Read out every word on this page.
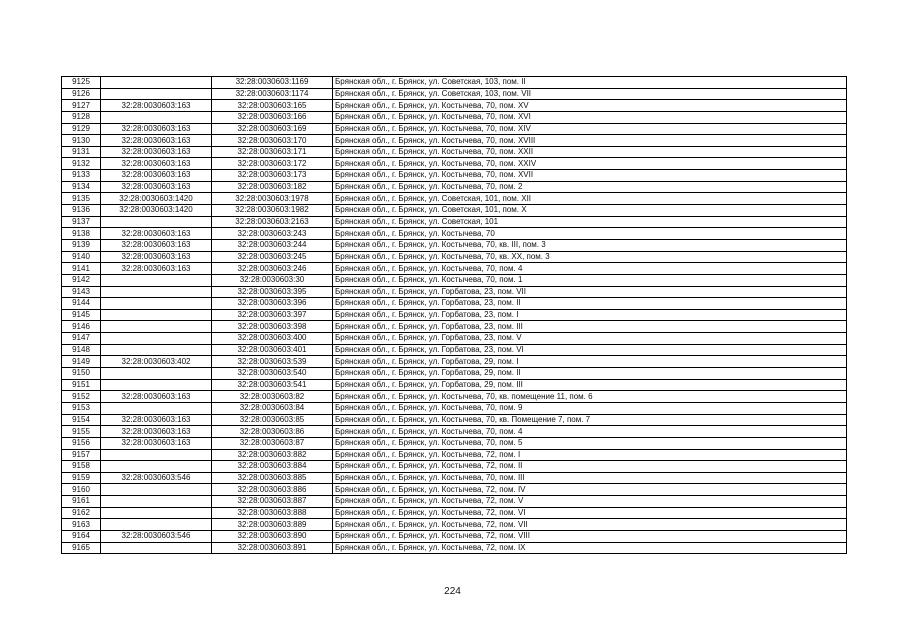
9125		32:28:0030603:1169	Брянская обл., г. Брянск, ул. Советская, 103, пом. II
9126		32:28:0030603:1174	Брянская обл., г. Брянск, ул. Советская, 103, пом. VII
9127	32:28:0030603:163	32:28:0030603:165	Брянская обл., г. Брянск, ул. Костычева, 70, пом. XV
9128		32:28:0030603:166	Брянская обл., г. Брянск, ул. Костычева, 70, пом. XVI
9129	32:28:0030603:163	32:28:0030603:169	Брянская обл., г. Брянск, ул. Костычева, 70, пом. XIV
9130	32:28:0030603:163	32:28:0030603:170	Брянская обл., г. Брянск, ул. Костычева, 70, пом. XVIII
9131	32:28:0030603:163	32:28:0030603:171	Брянская обл., г. Брянск, ул. Костычева, 70, пом. XXII
9132	32:28:0030603:163	32:28:0030603:172	Брянская обл., г. Брянск, ул. Костычева, 70, пом. XXIV
9133	32:28:0030603:163	32:28:0030603:173	Брянская обл., г. Брянск, ул. Костычева, 70, пом. XVII
9134	32:28:0030603:163	32:28:0030603:182	Брянская обл., г. Брянск, ул. Костычева, 70, пом. 2
9135	32:28:0030603:1420	32:28:0030603:1978	Брянская обл., г. Брянск, ул. Советская, 101, пом. XII
9136	32:28:0030603:1420	32:28:0030603:1982	Брянская обл., г. Брянск, ул. Советская, 101, пом. X
9137		32:28:0030603:2163	Брянская обл., г. Брянск, ул. Советская, 101
9138	32:28:0030603:163	32:28:0030603:243	Брянская обл., г. Брянск, ул. Костычева, 70
9139	32:28:0030603:163	32:28:0030603:244	Брянская обл., г. Брянск, ул. Костычева, 70, кв. III, пом. 3
9140	32:28:0030603:163	32:28:0030603:245	Брянская обл., г. Брянск, ул. Костычева, 70, кв. XX, пом. 3
9141	32:28:0030603:163	32:28:0030603:246	Брянская обл., г. Брянск, ул. Костычева, 70, пом. 4
9142		32:28:0030603:30	Брянская обл., г. Брянск, ул. Костычева, 70, пом. 1
9143		32:28:0030603:395	Брянская обл., г. Брянск, ул. Горбатова, 23, пом. VII
9144		32:28:0030603:396	Брянская обл., г. Брянск, ул. Горбатова, 23, пом. II
9145		32:28:0030603:397	Брянская обл., г. Брянск, ул. Горбатова, 23, пом. I
9146		32:28:0030603:398	Брянская обл., г. Брянск, ул. Горбатова, 23, пом. III
9147		32:28:0030603:400	Брянская обл., г. Брянск, ул. Горбатова, 23, пом. V
9148		32:28:0030603:401	Брянская обл., г. Брянск, ул. Горбатова, 23, пом. VI
9149	32:28:0030603:402	32:28:0030603:539	Брянская обл., г. Брянск, ул. Горбатова, 29, пом. I
9150		32:28:0030603:540	Брянская обл., г. Брянск, ул. Горбатова, 29, пом. II
9151		32:28:0030603:541	Брянская обл., г. Брянск, ул. Горбатова, 29, пом. III
9152	32:28:0030603:163	32:28:0030603:82	Брянская обл., г. Брянск, ул. Костычева, 70, кв. помещение 11, пом. 6
9153		32:28:0030603:84	Брянская обл., г. Брянск, ул. Костычева, 70, пом. 9
9154	32:28:0030603:163	32:28:0030603:85	Брянская обл., г. Брянск, ул. Костычева, 70, кв. Помещение 7, пом. 7
9155	32:28:0030603:163	32:28:0030603:86	Брянская обл., г. Брянск, ул. Костычева, 70, пом. 4
9156	32:28:0030603:163	32:28:0030603:87	Брянская обл., г. Брянск, ул. Костычева, 70, пом. 5
9157		32:28:0030603:882	Брянская обл., г. Брянск, ул. Костычева, 72, пом. I
9158		32:28:0030603:884	Брянская обл., г. Брянск, ул. Костычева, 72, пом. II
9159	32:28:0030603:546	32:28:0030603:885	Брянская обл., г. Брянск, ул. Костычева, 70, пом. III
9160		32:28:0030603:886	Брянская обл., г. Брянск, ул. Костычева, 72, пом. IV
9161		32:28:0030603:887	Брянская обл., г. Брянск, ул. Костычева, 72, пом. V
9162		32:28:0030603:888	Брянская обл., г. Брянск, ул. Костычева, 72, пом. VI
9163		32:28:0030603:889	Брянская обл., г. Брянск, ул. Костычева, 72, пом. VII
9164	32:28:0030603:546	32:28:0030603:890	Брянская обл., г. Брянск, ул. Костычева, 72, пом. VIII
9165		32:28:0030603:891	Брянская обл., г. Брянск, ул. Костычева, 72, пом. IX
224
